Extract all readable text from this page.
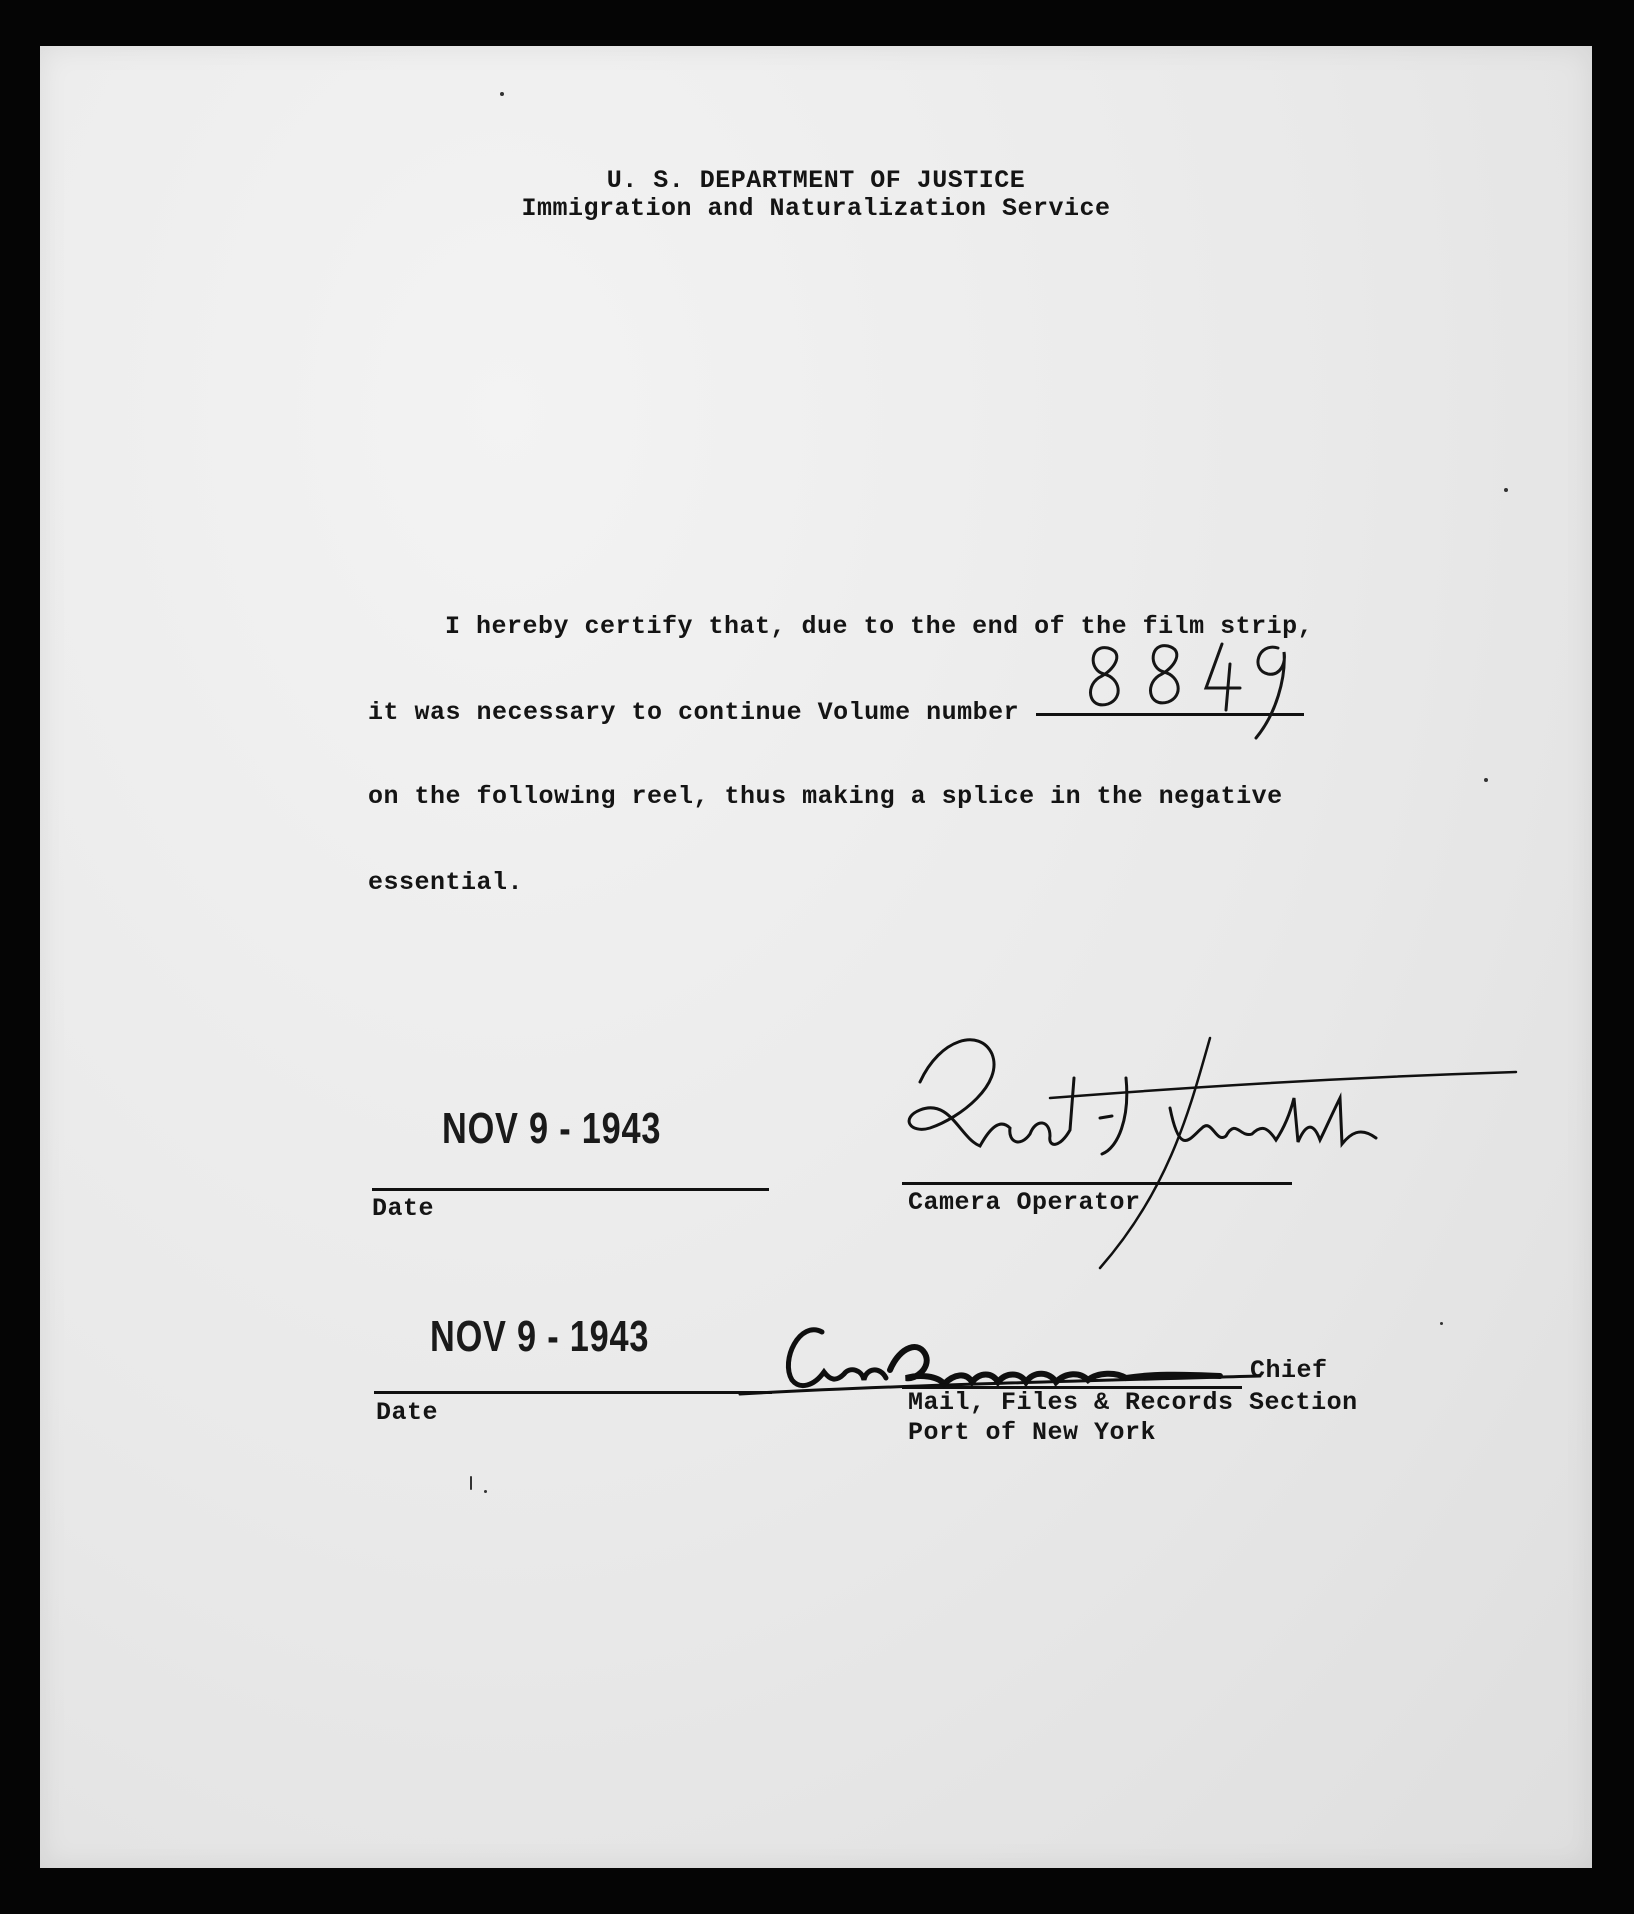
U. S. DEPARTMENT OF JUSTICE
Immigration and Naturalization Service
I hereby certify that, due to the end of the film strip,
it was necessary to continue Volume number
on the following reel, thus making a splice in the negative
essential.
NOV 9 - 1943
Date	Camera Operator
NOV 9 - 1943
Date
Chief
Mail, Files & Records Section
Port of New York
